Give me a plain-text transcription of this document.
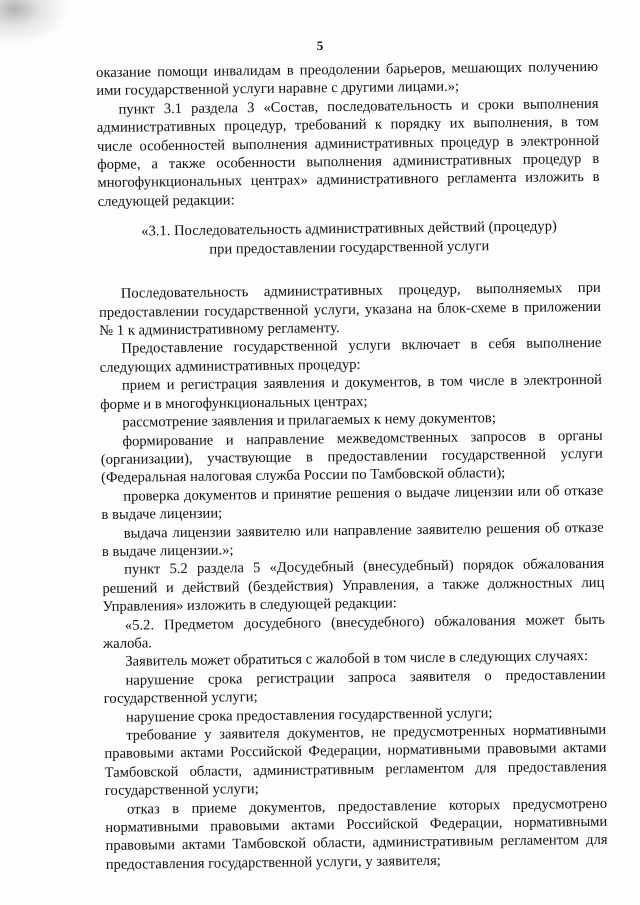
5

оказание помощи инвалидам в преодолении барьеров, мешающих получению ими государственной услуги наравне с другими лицами.»;

пункт 3.1 раздела 3 «Состав, последовательность и сроки выполнения административных процедур, требований к порядку их выполнения, в том числе особенностей выполнения административных процедур в электронной форме, а также особенности выполнения административных процедур в многофункциональных центрах» административного регламента изложить в следующей редакции:

«3.1. Последовательность административных действий (процедур)
при предоставлении государственной услуги

Последовательность административных процедур, выполняемых при предоставлении государственной услуги, указана на блок-схеме в приложении № 1 к административному регламенту.

Предоставление государственной услуги включает в себя выполнение следующих административных процедур:

прием и регистрация заявления и документов, в том числе в электронной форме и в многофункциональных центрах;

рассмотрение заявления и прилагаемых к нему документов;

формирование и направление межведомственных запросов в органы (организации), участвующие в предоставлении государственной услуги (Федеральная налоговая служба России по Тамбовской области);

проверка документов и принятие решения о выдаче лицензии или об отказе в выдаче лицензии;

выдача лицензии заявителю или направление заявителю решения об отказе в выдаче лицензии.»;

пункт 5.2 раздела 5 «Досудебный (внесудебный) порядок обжалования решений и действий (бездействия) Управления, а также должностных лиц Управления» изложить в следующей редакции:

«5.2. Предметом досудебного (внесудебного) обжалования может быть жалоба.

Заявитель может обратиться с жалобой в том числе в следующих случаях:

нарушение срока регистрации запроса заявителя о предоставлении государственной услуги;

нарушение срока предоставления государственной услуги;

требование у заявителя документов, не предусмотренных нормативными правовыми актами Российской Федерации, нормативными правовыми актами Тамбовской области, административным регламентом для предоставления государственной услуги;

отказ в приеме документов, предоставление которых предусмотрено нормативными правовыми актами Российской Федерации, нормативными правовыми актами Тамбовской области, административным регламентом для предоставления государственной услуги, у заявителя;
